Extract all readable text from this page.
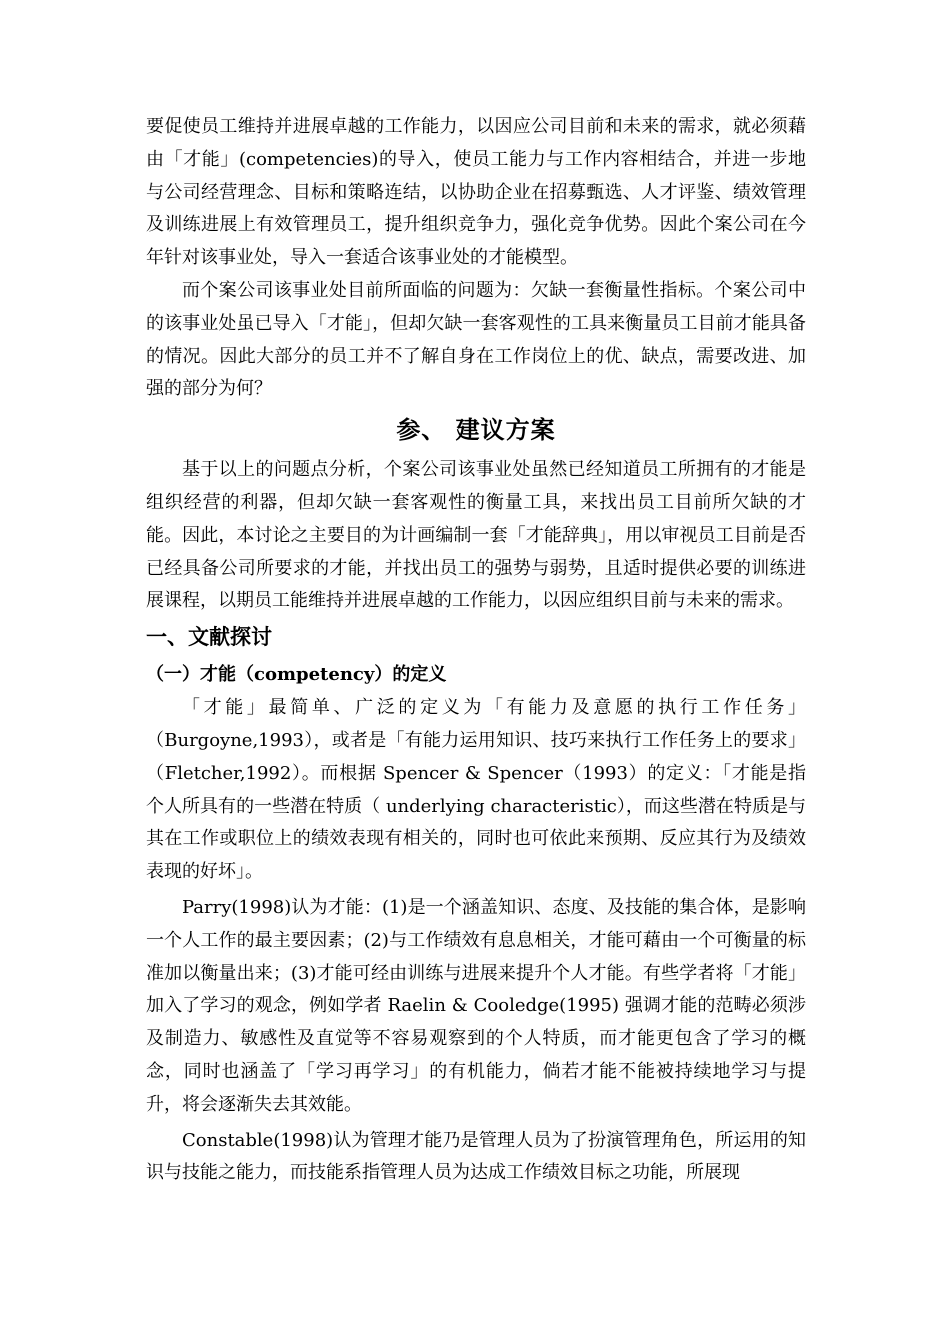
要促使员工维持并进展卓越的工作能力，以因应公司目前和未来的需求，就必须藉由「才能」(competencies)的导入，使员工能力与工作内容相结合，并进一步地与公司经营理念、目标和策略连结，以协助企业在招募甄选、人才评鉴、绩效管理及训练进展上有效管理员工，提升组织竞争力，强化竞争优势。因此个案公司在今年针对该事业处，导入一套适合该事业处的才能模型。

而个案公司该事业处目前所面临的问题为：欠缺一套衡量性指标。个案公司中的该事业处虽已导入「才能」，但却欠缺一套客观性的工具来衡量员工目前才能具备的情况。因此大部分的员工并不了解自身在工作岗位上的优、缺点，需要改进、加强的部分为何？

参、 建议方案

基于以上的问题点分析，个案公司该事业处虽然已经知道员工所拥有的才能是组织经营的利器，但却欠缺一套客观性的衡量工具，来找出员工目前所欠缺的才能。因此，本讨论之主要目的为计画编制一套「才能辞典」，用以审视员工目前是否已经具备公司所要求的才能，并找出员工的强势与弱势，且适时提供必要的训练进展课程，以期员工能维持并进展卓越的工作能力，以因应组织目前与未来的需求。

一、文献探讨
（一）才能（competency）的定义

「才能」最简单、广泛的定义为「有能力及意愿的执行工作任务」（Burgoyne,1993），或者是「有能力运用知识、技巧来执行工作任务上的要求」（Fletcher,1992）。而根据 Spencer & Spencer（1993）的定义：「才能是指个人所具有的一些潜在特质（ underlying characteristic），而这些潜在特质是与其在工作或职位上的绩效表现有相关的，同时也可依此来预期、反应其行为及绩效表现的好坏」。

Parry(1998)认为才能：(1)是一个涵盖知识、态度、及技能的集合体，是影响一个人工作的最主要因素；(2)与工作绩效有息息相关，才能可藉由一个可衡量的标准加以衡量出来；(3)才能可经由训练与进展来提升个人才能。有些学者将「才能」加入了学习的观念，例如学者 Raelin & Cooledge(1995) 强调才能的范畴必须涉及制造力、敏感性及直觉等不容易观察到的个人特质，而才能更包含了学习的概念，同时也涵盖了「学习再学习」的有机能力，倘若才能不能被持续地学习与提升，将会逐渐失去其效能。

Constable(1998)认为管理才能乃是管理人员为了扮演管理角色，所运用的知识与技能之能力，而技能系指管理人员为达成工作绩效目标之功能，所展现
